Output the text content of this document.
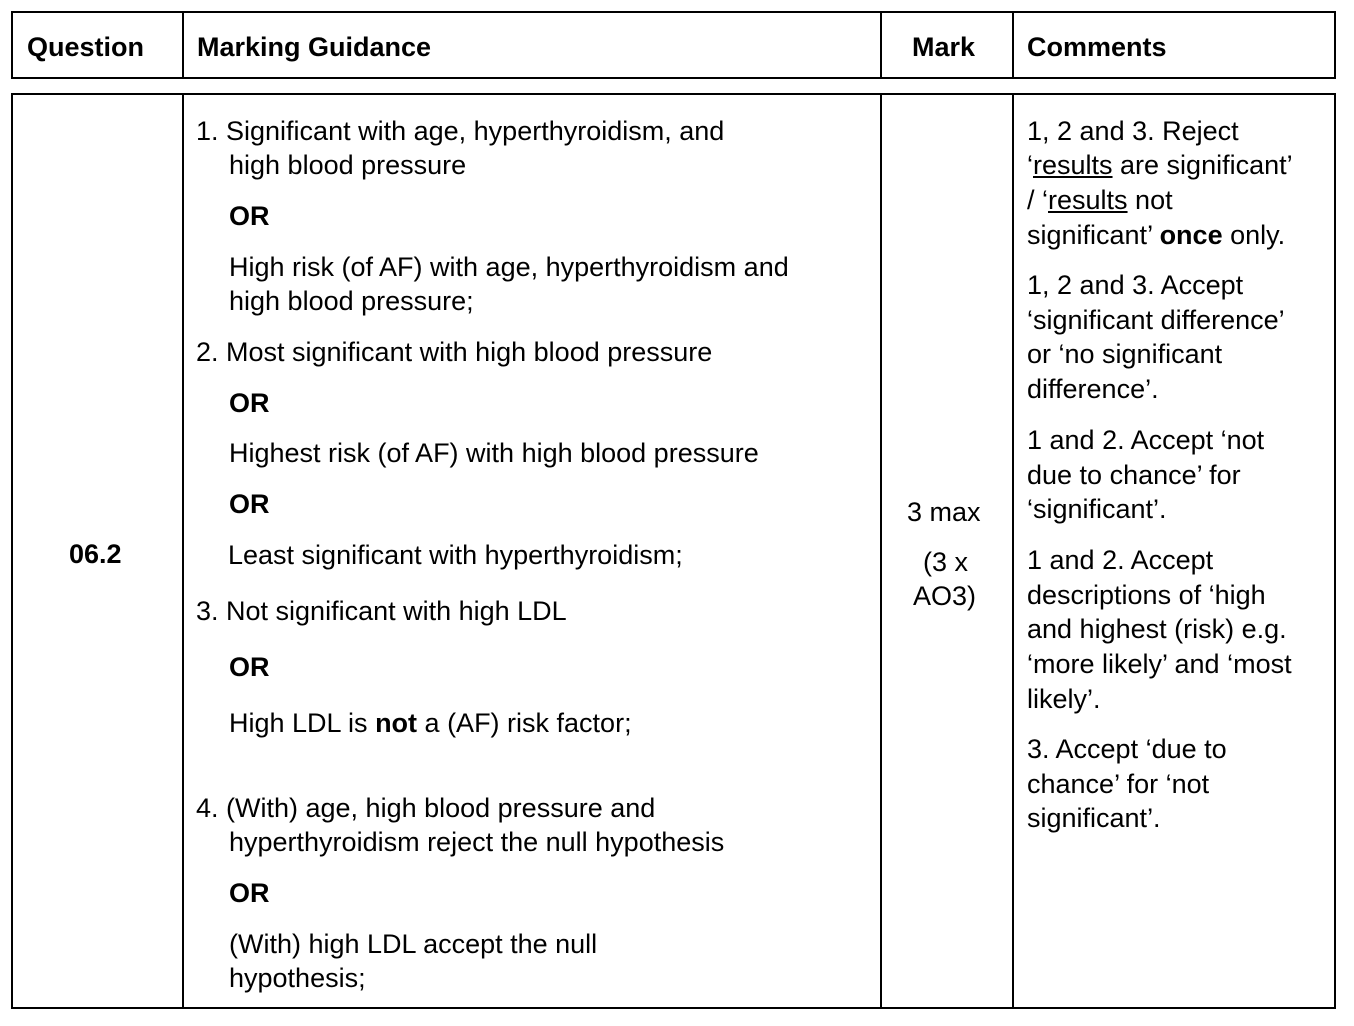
Question Marking Guidance	Mark Comments
06.2
1. Significant with age, hyperthyroidism, and
high blood pressure
OR
High risk (of AF) with age, hyperthyroidism and
high blood pressure;
2. Most significant with high blood pressure
OR
Highest risk (of AF) with high blood pressure
OR
Least significant with hyperthyroidism;
3. Not significant with high LDL
OR
High LDL is not a (AF) risk factor;
4. (With) age, high blood pressure and
hyperthyroidism reject the null hypothesis
OR
(With) high LDL accept the null
hypothesis;
3 max
(3 x
AO3)
1, 2 and 3. Reject
‘results are significant’
/ ‘results not
significant’ once only.
1, 2 and 3. Accept
‘significant difference’
or ‘no significant
difference’.
1 and 2. Accept ‘not
due to chance’ for
‘significant’.
1 and 2. Accept
descriptions of ‘high
and highest (risk) e.g.
‘more likely’ and ‘most
likely’.
3. Accept ‘due to
chance’ for ‘not
significant’.
